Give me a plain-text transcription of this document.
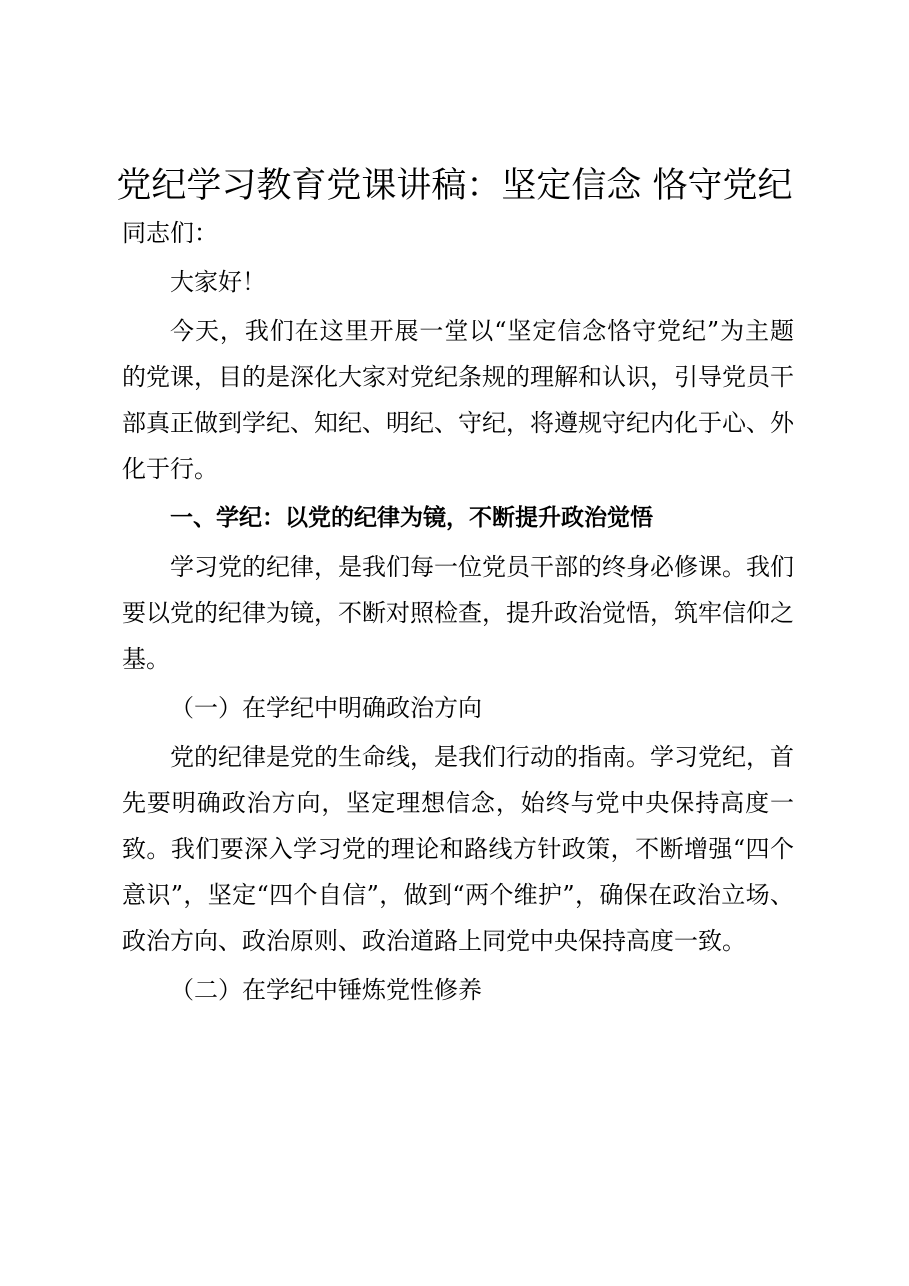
党纪学习教育党课讲稿：坚定信念 恪守党纪

同志们：

大家好！

今天，我们在这里开展一堂以“坚定信念恪守党纪”为主题的党课，目的是深化大家对党纪条规的理解和认识，引导党员干部真正做到学纪、知纪、明纪、守纪，将遵规守纪内化于心、外化于行。

一、学纪：以党的纪律为镜，不断提升政治觉悟

学习党的纪律，是我们每一位党员干部的终身必修课。我们要以党的纪律为镜，不断对照检查，提升政治觉悟，筑牢信仰之基。

（一）在学纪中明确政治方向

党的纪律是党的生命线，是我们行动的指南。学习党纪，首先要明确政治方向，坚定理想信念，始终与党中央保持高度一致。我们要深入学习党的理论和路线方针政策，不断增强“四个意识”，坚定“四个自信”，做到“两个维护”，确保在政治立场、政治方向、政治原则、政治道路上同党中央保持高度一致。

（二）在学纪中锤炼党性修养
